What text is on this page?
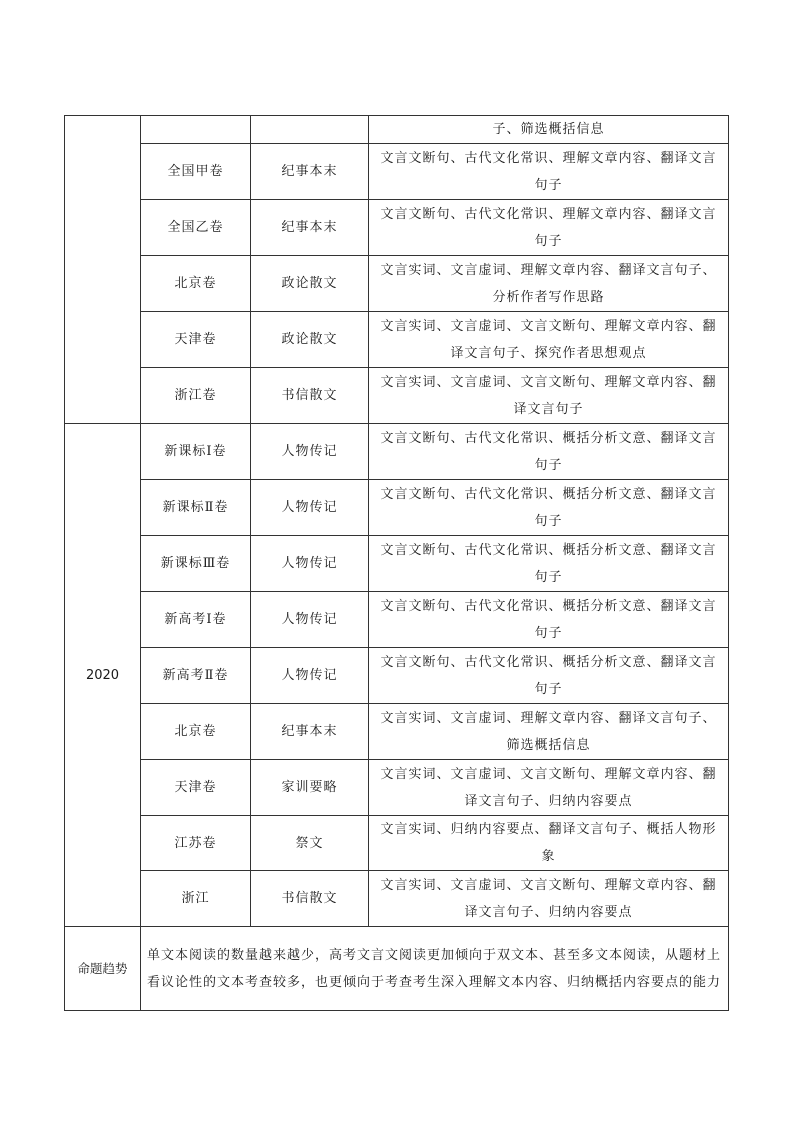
			子、筛选概括信息
	全国甲卷	纪事本末	文言文断句、古代文化常识、理解文章内容、翻译文言句子
	全国乙卷	纪事本末	文言文断句、古代文化常识、理解文章内容、翻译文言句子
	北京卷	政论散文	文言实词、文言虚词、理解文章内容、翻译文言句子、分析作者写作思路
	天津卷	政论散文	文言实词、文言虚词、文言文断句、理解文章内容、翻译文言句子、探究作者思想观点
	浙江卷	书信散文	文言实词、文言虚词、文言文断句、理解文章内容、翻译文言句子
2020	新课标Ⅰ卷	人物传记	文言文断句、古代文化常识、概括分析文意、翻译文言句子
	新课标Ⅱ卷	人物传记	文言文断句、古代文化常识、概括分析文意、翻译文言句子
	新课标Ⅲ卷	人物传记	文言文断句、古代文化常识、概括分析文意、翻译文言句子
	新高考Ⅰ卷	人物传记	文言文断句、古代文化常识、概括分析文意、翻译文言句子
	新高考Ⅱ卷	人物传记	文言文断句、古代文化常识、概括分析文意、翻译文言句子
	北京卷	纪事本末	文言实词、文言虚词、理解文章内容、翻译文言句子、筛选概括信息
	天津卷	家训要略	文言实词、文言虚词、文言文断句、理解文章内容、翻译文言句子、归纳内容要点
	江苏卷	祭文	文言实词、归纳内容要点、翻译文言句子、概括人物形象
	浙江	书信散文	文言实词、文言虚词、文言文断句、理解文章内容、翻译文言句子、归纳内容要点
命题趋势	单文本阅读的数量越来越少，高考文言文阅读更加倾向于双文本、甚至多文本阅读，从题材上看议论性的文本考查较多，也更倾向于考查考生深入理解文本内容、归纳概括内容要点的能力		
